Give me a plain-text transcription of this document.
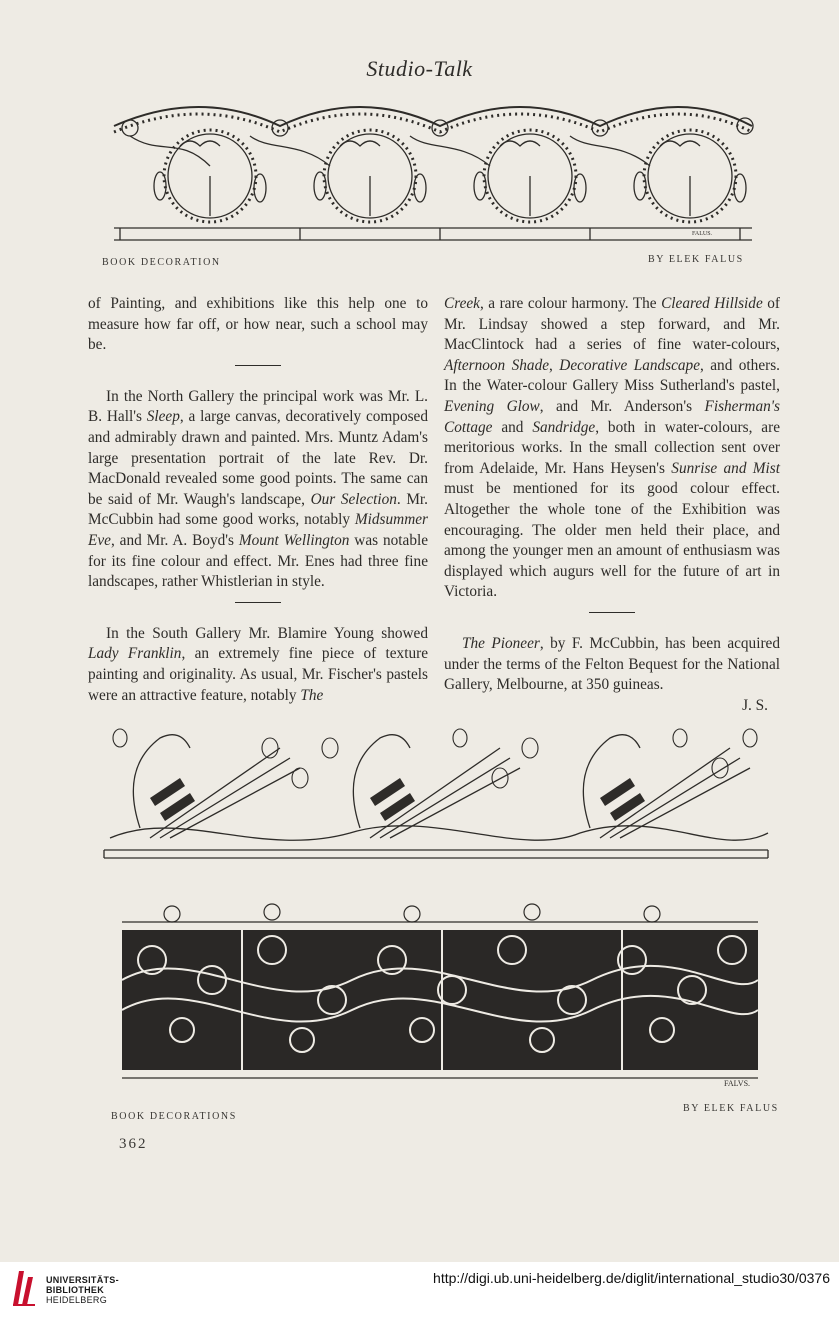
Studio-Talk
FALUS.
BOOK DECORATION	BY ELEK FALUS

of Painting, and exhibitions like this help one to measure how far off, or how near, such a school may be.

In the North Gallery the principal work was Mr. L. B. Hall's Sleep, a large canvas, decoratively composed and admirably drawn and painted. Mrs. Muntz Adam's large presentation portrait of the late Rev. Dr. MacDonald revealed some good points. The same can be said of Mr. Waugh's landscape, Our Selection. Mr. McCubbin had some good works, notably Midsummer Eve, and Mr. A. Boyd's Mount Wellington was notable for its fine colour and effect. Mr. Enes had three fine landscapes, rather Whistlerian in style.

In the South Gallery Mr. Blamire Young showed Lady Franklin, an extremely fine piece of texture painting and originality. As usual, Mr. Fischer's pastels were an attractive feature, notably The

Creek, a rare colour harmony. The Cleared Hillside of Mr. Lindsay showed a step forward, and Mr. MacClintock had a series of fine water-colours, Afternoon Shade, Decorative Landscape, and others. In the Water-colour Gallery Miss Sutherland's pastel, Evening Glow, and Mr. Anderson's Fisherman's Cottage and Sandridge, both in water-colours, are meritorious works. In the small collection sent over from Adelaide, Mr. Hans Heysen's Sunrise and Mist must be mentioned for its good colour effect. Altogether the whole tone of the Exhibition was encouraging. The older men held their place, and among the younger men an amount of enthusiasm was displayed which augurs well for the future of art in Victoria.

The Pioneer, by F. McCubbin, has been acquired under the terms of the Felton Bequest for the National Gallery, Melbourne, at 350 guineas.

J. S.

FALVS.
BOOK DECORATIONS
BY ELEK FALUS
362
UNIVERSITÄTS-
BIBLIOTHEK
HEIDELBERG
http://digi.ub.uni-heidelberg.de/diglit/international_studio30/0376
